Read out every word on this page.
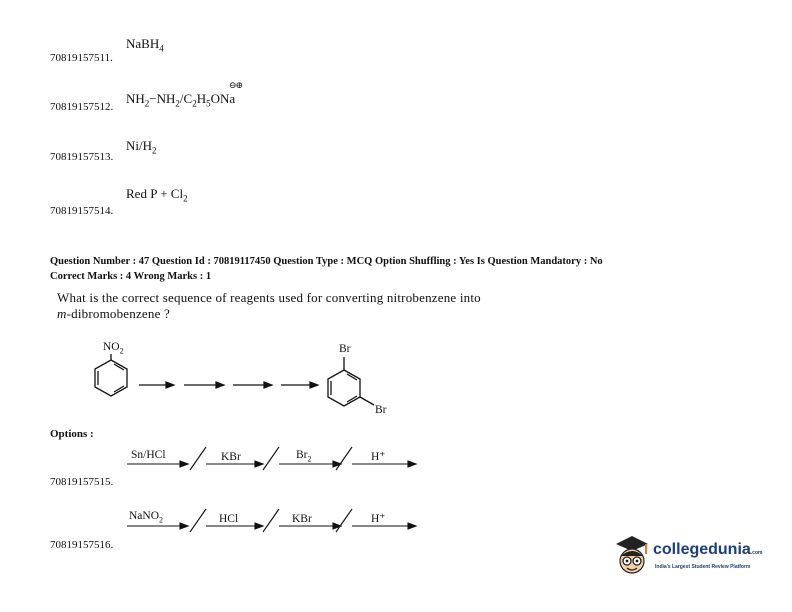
NaBH$_4$
70819157511.
⊖⊕
$NH_2-NH_2/C_2H_5ONa$
70819157512.
$Ni/H_2$
70819157513.
Red $P + Cl_2$
70819157514.
Question Number : 47 Question Id : 70819117450 Question Type : MCQ Option Shuffling : Yes Is Question Mandatory : No
Correct Marks : 4 Wrong Marks : 1
What is the correct sequence of reagents used for converting nitrobenzene into
m-dibromobenzene ?
$NO_2$	Br
Br
Options :
Sn/HCl	KBr	$Br_2$	H⁺
70819157515.
NaNO$_2$	HCl	KBr	H⁺
70819157516.	collegedunia.com
India's Largest Student Review Platform
